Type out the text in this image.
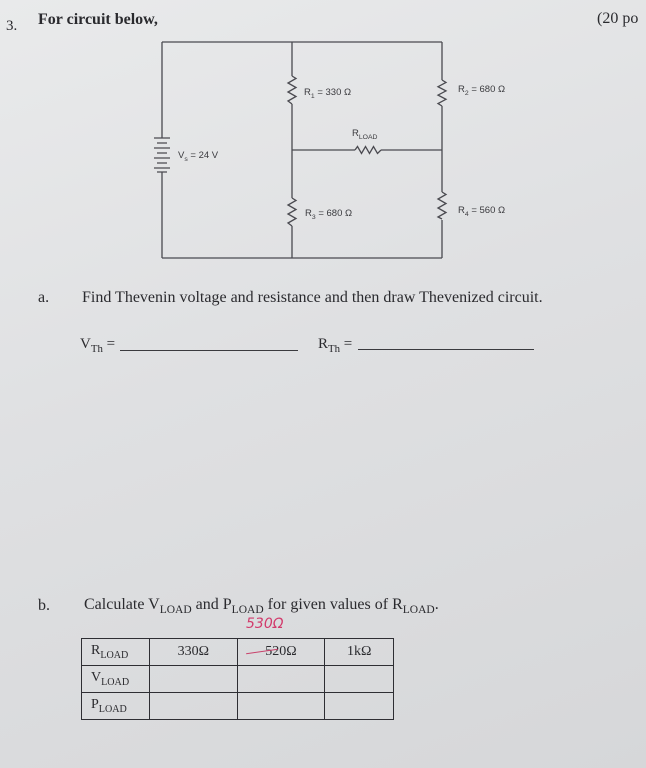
3. For circuit below,	(20 po
$V_s = 24$ V
$R_1 = 330$ Ω	$R_2 = 680$ Ω
$R_3 = 680$ Ω	$R_4 = 560$ Ω
$R_{LOAD}$
a. Find Thevenin voltage and resistance and then draw Thevenized circuit.
$V_{Th}$ =	$R_{Th}$ =
b. Calculate $V_{LOAD}$ and $P_{LOAD}$ for given values of $R_{LOAD}$.
530Ω
$R_{LOAD}$	330Ω	520Ω	1kΩ
$V_{LOAD}$			
$P_{LOAD}$			
